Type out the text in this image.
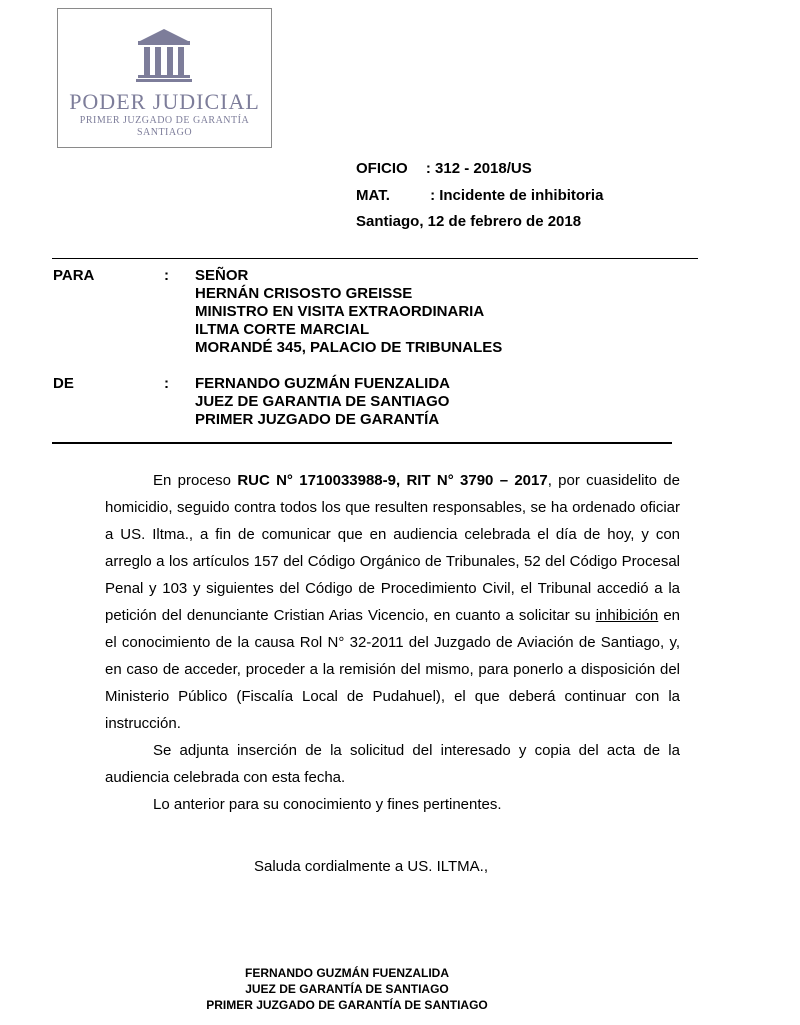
PODER JUDICIAL
PRIMER JUZGADO DE GARANTÍA
SANTIAGO
OFICIO : 312 - 2018/US
MAT.	: Incidente de inhibitoria
Santiago, 12 de febrero de 2018
PARA	: SEÑOR
HERNÁN CRISOSTO GREISSE
MINISTRO EN VISITA EXTRAORDINARIA
ILTMA CORTE MARCIAL
MORANDÉ 345, PALACIO DE TRIBUNALES
DE	: FERNANDO GUZMÁN FUENZALIDA
JUEZ DE GARANTIA DE SANTIAGO
PRIMER JUZGADO DE GARANTÍA

En proceso RUC N° 1710033988-9, RIT N° 3790 – 2017, por cuasidelito de homicidio, seguido contra todos los que resulten responsables, se ha ordenado oficiar a US. Iltma., a fin de comunicar que en audiencia celebrada el día de hoy, y con arreglo a los artículos 157 del Código Orgánico de Tribunales, 52 del Código Procesal Penal y 103 y siguientes del Código de Procedimiento Civil, el Tribunal accedió a la petición del denunciante Cristian Arias Vicencio, en cuanto a solicitar su inhibición en el conocimiento de la causa Rol N° 32-2011 del Juzgado de Aviación de Santiago, y, en caso de acceder, proceder a la remisión del mismo, para ponerlo a disposición del Ministerio Público (Fiscalía Local de Pudahuel), el que deberá continuar con la instrucción.

Se adjunta inserción de la solicitud del interesado y copia del acta de la audiencia celebrada con esta fecha.

Lo anterior para su conocimiento y fines pertinentes.

Saluda cordialmente a US. ILTMA.,
FERNANDO GUZMÁN FUENZALIDA
JUEZ DE GARANTÍA DE SANTIAGO
PRIMER JUZGADO DE GARANTÍA DE SANTIAGO
